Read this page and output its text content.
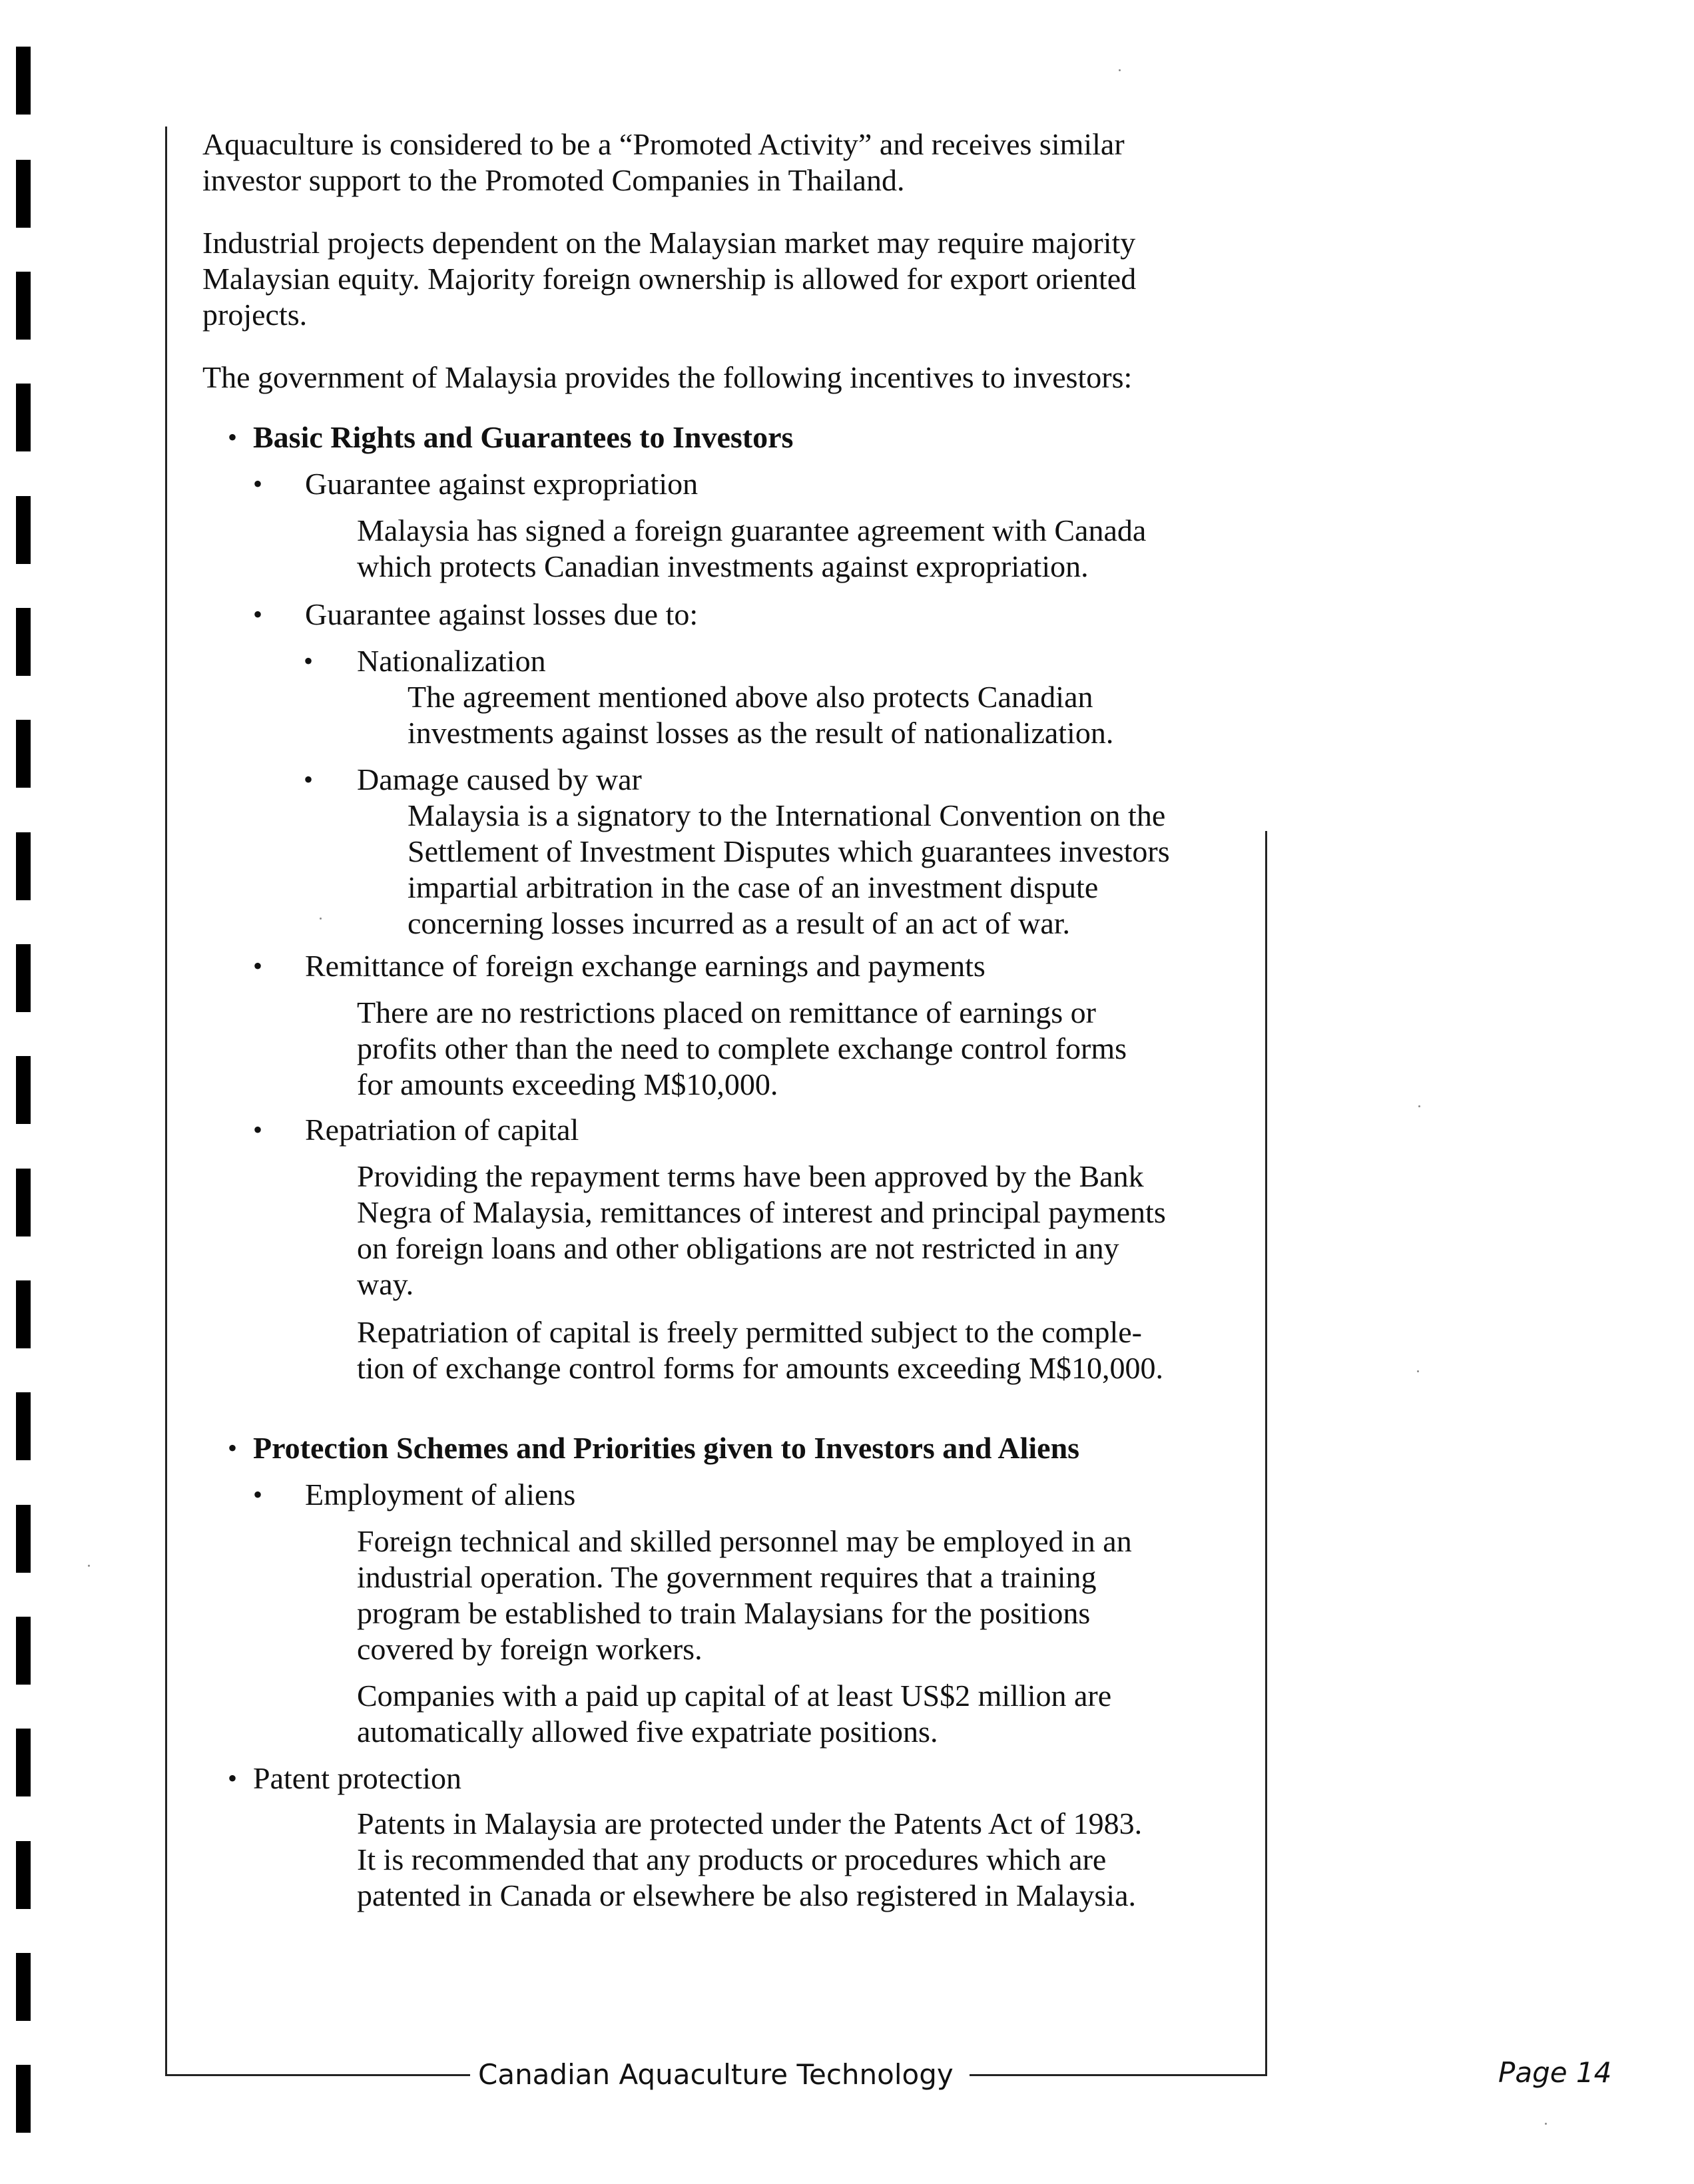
Canadian Aquaculture Technology	Page 14
Aquaculture is considered to be a “Promoted Activity” and receives similar
investor support to the Promoted Companies in Thailand.
Industrial projects dependent on the Malaysian market may require majority
Malaysian equity. Majority foreign ownership is allowed for export oriented
projects.
The government of Malaysia provides the following incentives to investors:
• Basic Rights and Guarantees to Investors
• Guarantee against expropriation
Malaysia has signed a foreign guarantee agreement with Canada
which protects Canadian investments against expropriation.
• Guarantee against losses due to:
• Nationalization
The agreement mentioned above also protects Canadian
investments against losses as the result of nationalization.
• Damage caused by war
Malaysia is a signatory to the International Convention on the
Settlement of Investment Disputes which guarantees investors
impartial arbitration in the case of an investment dispute
concerning losses incurred as a result of an act of war.
• Remittance of foreign exchange earnings and payments
There are no restrictions placed on remittance of earnings or
profits other than the need to complete exchange control forms
for amounts exceeding M$10,000.
• Repatriation of capital
Providing the repayment terms have been approved by the Bank
Negra of Malaysia, remittances of interest and principal payments
on foreign loans and other obligations are not restricted in any
way.
Repatriation of capital is freely permitted subject to the comple-
tion of exchange control forms for amounts exceeding M$10,000.
• Protection Schemes and Priorities given to Investors and Aliens
• Employment of aliens
Foreign technical and skilled personnel may be employed in an
industrial operation. The government requires that a training
program be established to train Malaysians for the positions
covered by foreign workers.
Companies with a paid up capital of at least US$2 million are
automatically allowed five expatriate positions.
• Patent protection
Patents in Malaysia are protected under the Patents Act of 1983.
It is recommended that any products or procedures which are
patented in Canada or elsewhere be also registered in Malaysia.
